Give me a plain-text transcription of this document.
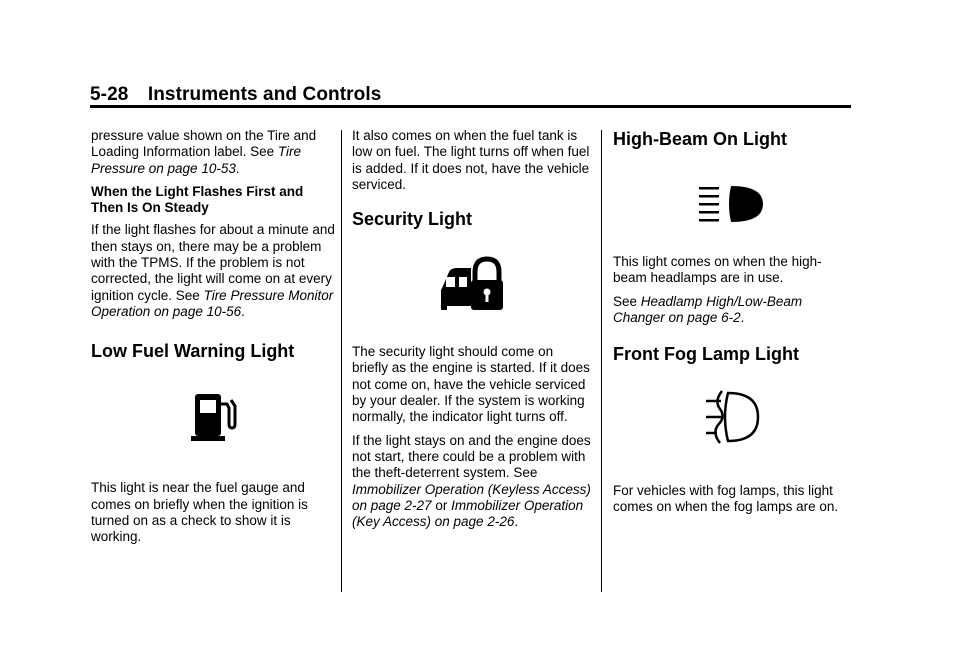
5-28 Instruments and Controls

pressure value shown on the Tire and Loading Information label. See Tire Pressure on page 10-53.

When the Light Flashes First and Then Is On Steady

If the light flashes for about a minute and then stays on, there may be a problem with the TPMS. If the problem is not corrected, the light will come on at every ignition cycle. See Tire Pressure Monitor Operation on page 10-56.

Low Fuel Warning Light

This light is near the fuel gauge and comes on briefly when the ignition is turned on as a check to show it is working.

It also comes on when the fuel tank is low on fuel. The light turns off when fuel is added. If it does not, have the vehicle serviced.

Security Light

The security light should come on briefly as the engine is started. If it does not come on, have the vehicle serviced by your dealer. If the system is working normally, the indicator light turns off.

If the light stays on and the engine does not start, there could be a problem with the theft-deterrent system. See Immobilizer Operation (Keyless Access) on page 2-27 or Immobilizer Operation (Key Access) on page 2-26.

High-Beam On Light

This light comes on when the high-beam headlamps are in use.

See Headlamp High/Low-Beam Changer on page 6-2.

Front Fog Lamp Light

For vehicles with fog lamps, this light comes on when the fog lamps are on.
